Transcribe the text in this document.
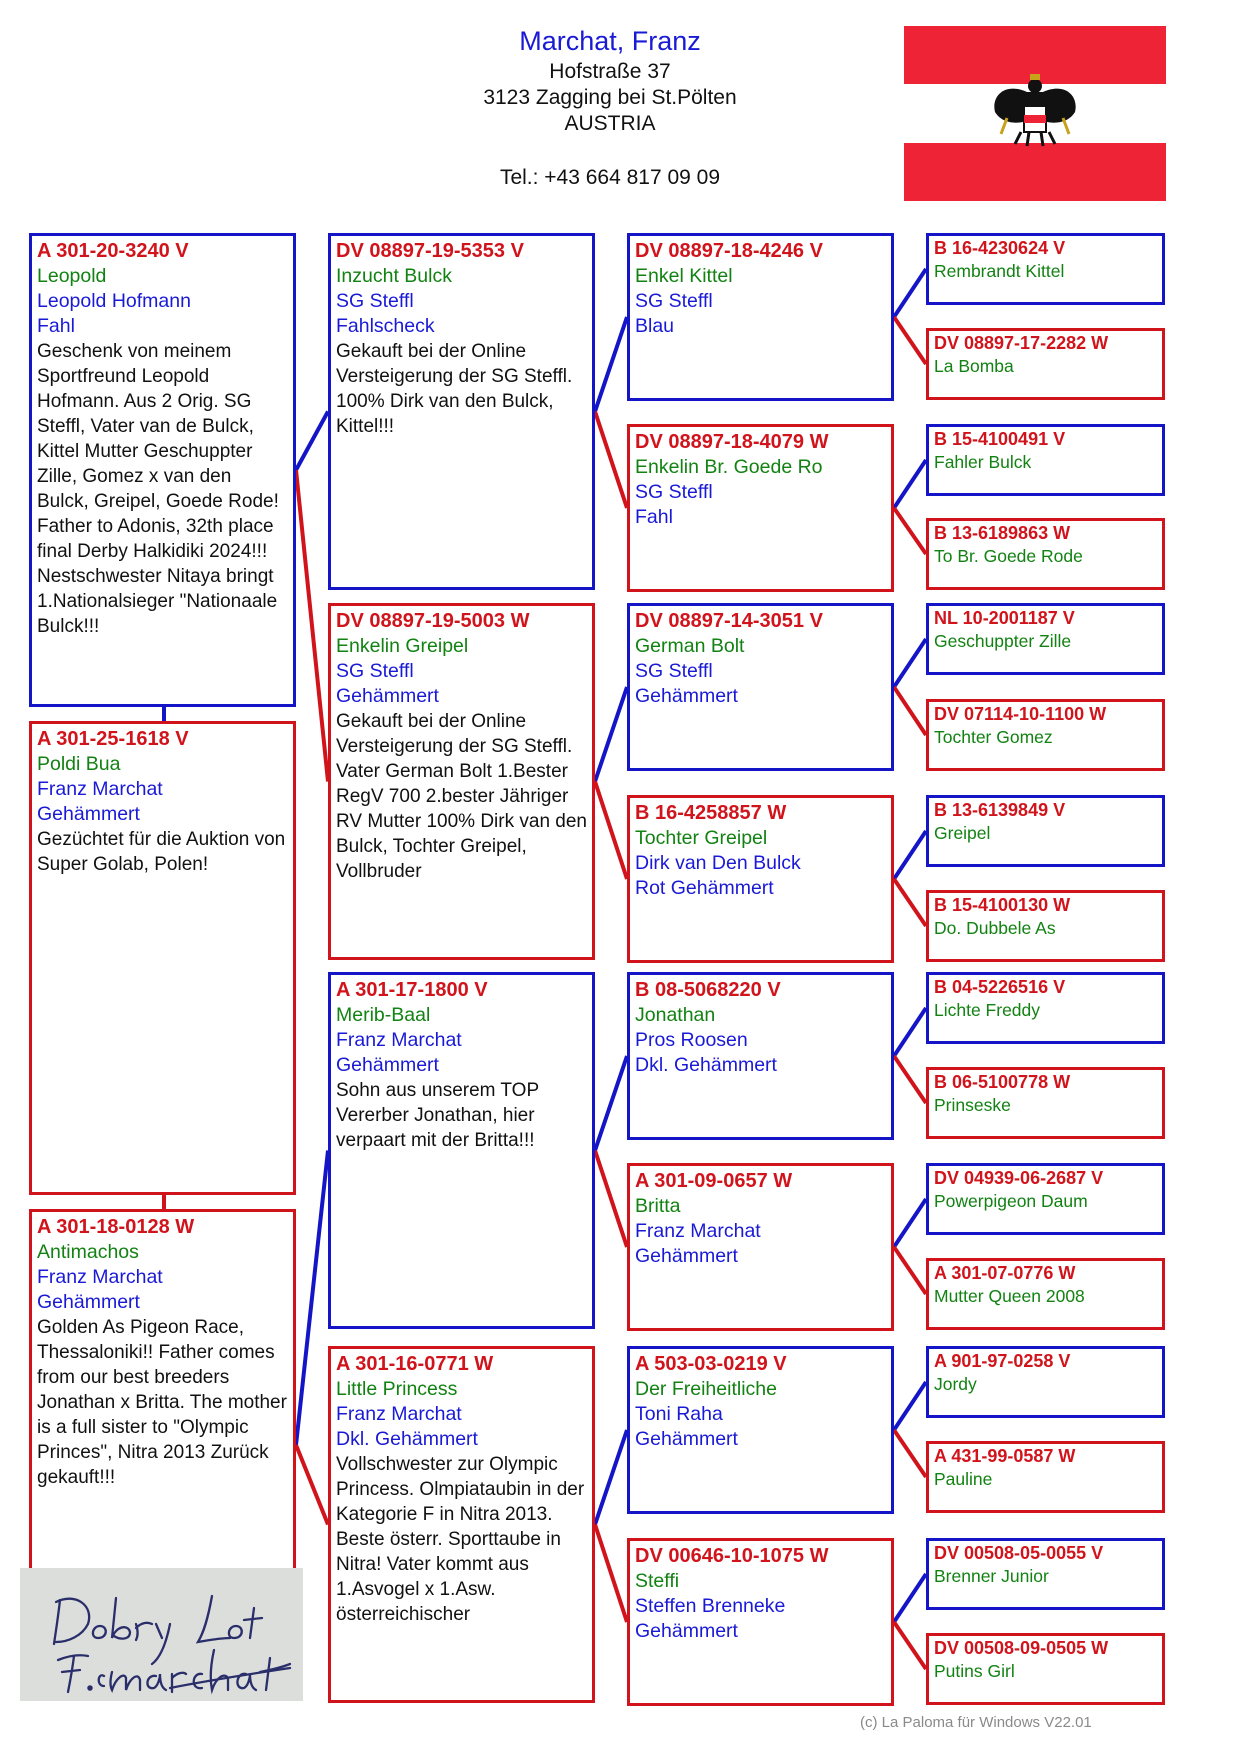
Marchat, Franz
Hofstraße 37
3123 Zagging bei St.Pölten
AUSTRIA
Tel.: +43 664 817 09 09
A 301-20-3240 V
Leopold
Leopold Hofmann
Fahl
Geschenk von meinem Sportfreund Leopold Hofmann. Aus 2 Orig. SG Steffl, Vater van de Bulck, Kittel Mutter Geschuppter Zille, Gomez x van den Bulck, Greipel, Goede Rode! Father to Adonis, 32th place final Derby Halkidiki 2024!!! Nestschwester Nitaya bringt 1.Nationalsieger "Nationaale Bulck!!!
A 301-25-1618 V
Poldi Bua
Franz Marchat
Gehämmert
Gezüchtet für die Auktion von Super Golab, Polen!
A 301-18-0128 W
Antimachos
Franz Marchat
Gehämmert
Golden As Pigeon Race, Thessaloniki!! Father comes from our best breeders Jonathan x Britta. The mother is a full sister to "Olympic Princes", Nitra 2013 Zurück gekauft!!!
DV 08897-19-5353 V
Inzucht Bulck
SG Steffl
Fahlscheck
Gekauft bei der Online Versteigerung der SG Steffl. 100% Dirk van den Bulck, Kittel!!!
DV 08897-19-5003 W
Enkelin Greipel
SG Steffl
Gehämmert
Gekauft bei der Online Versteigerung der SG Steffl. Vater German Bolt 1.Bester RegV 700 2.bester Jähriger RV Mutter 100% Dirk van den Bulck, Tochter Greipel, Vollbruder
A 301-17-1800 V
Merib-Baal
Franz Marchat
Gehämmert
Sohn aus unserem TOP Vererber Jonathan, hier verpaart mit der Britta!!!
A 301-16-0771 W
Little Princess
Franz Marchat
Dkl. Gehämmert
Vollschwester zur Olympic Princess. Olmpiataubin in der Kategorie F in Nitra 2013. Beste österr. Sporttaube in Nitra! Vater kommt aus 1.Asvogel x 1.Asw. österreichischer
DV 08897-18-4246 V
Enkel Kittel
SG Steffl
Blau
DV 08897-18-4079 W
Enkelin Br. Goede Ro
SG Steffl
Fahl
DV 08897-14-3051 V
German Bolt
SG Steffl
Gehämmert
B 16-4258857 W
Tochter Greipel
Dirk van Den Bulck
Rot Gehämmert
B 08-5068220 V
Jonathan
Pros Roosen
Dkl. Gehämmert
A 301-09-0657 W
Britta
Franz Marchat
Gehämmert
A 503-03-0219 V
Der Freiheitliche
Toni Raha
Gehämmert
DV 00646-10-1075 W
Steffi
Steffen Brenneke
Gehämmert
B 16-4230624 V
Rembrandt Kittel
DV 08897-17-2282 W
La Bomba
B 15-4100491 V
Fahler Bulck
B 13-6189863 W
To Br. Goede Rode
NL 10-2001187 V
Geschuppter Zille
DV 07114-10-1100 W
Tochter Gomez
B 13-6139849 V
Greipel
B 15-4100130 W
Do. Dubbele As
B 04-5226516 V
Lichte Freddy
B 06-5100778 W
Prinseske
DV 04939-06-2687 V
Powerpigeon Daum
A 301-07-0776 W
Mutter Queen 2008
A 901-97-0258 V
Jordy
A 431-99-0587 W
Pauline
DV 00508-05-0055 V
Brenner Junior
DV 00508-09-0505 W
Putins Girl
(c) La Paloma für Windows V22.01
